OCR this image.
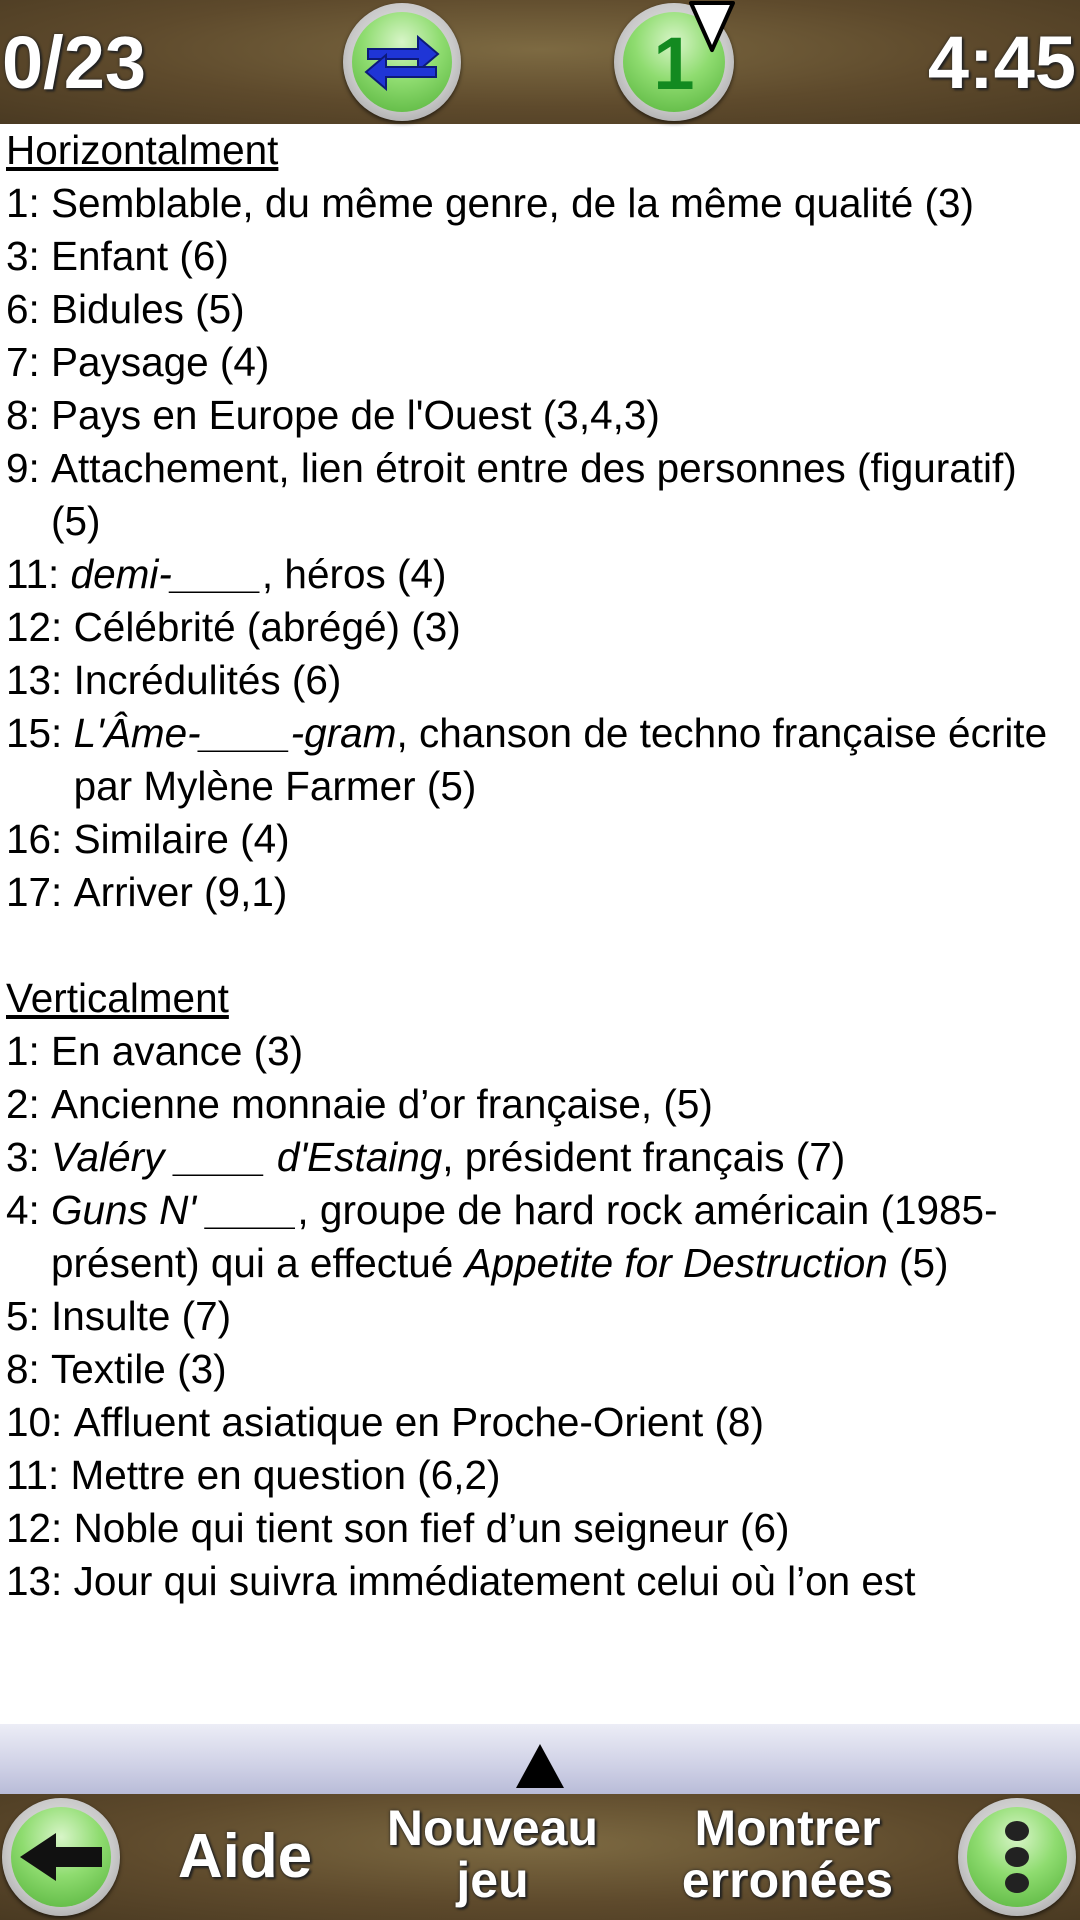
0/23	1	4:45
Horizontalment
1: Semblable, du même genre, de la même qualité (3)
3: Enfant (6)
6: Bidules (5)
7: Paysage (4)
8: Pays en Europe de l'Ouest (3,4,3)
9: Attachement, lien étroit entre des personnes (figuratif) (5)
11: demi-____, héros (4)
12: Célébrité (abrégé) (3)
13: Incrédulités (6)
15: L'Âme-____-gram, chanson de techno française écrite par Mylène Farmer (5)
16: Similaire (4)
17: Arriver (9,1)
Verticalment
1: En avance (3)
2: Ancienne monnaie d’or française, (5)
3: Valéry ____ d'Estaing, président français (7)
4: Guns N' ____, groupe de hard rock américain (1985-présent) qui a effectué Appetite for Destruction (5)
5: Insulte (7)
8: Textile (3)
10: Affluent asiatique en Proche-Orient (8)
11: Mettre en question (6,2)
12: Noble qui tient son fief d’un seigneur (6)
13: Jour qui suivra immédiatement celui où l’on est
Aide	Nouveau
jeu
Montrer
erronées
